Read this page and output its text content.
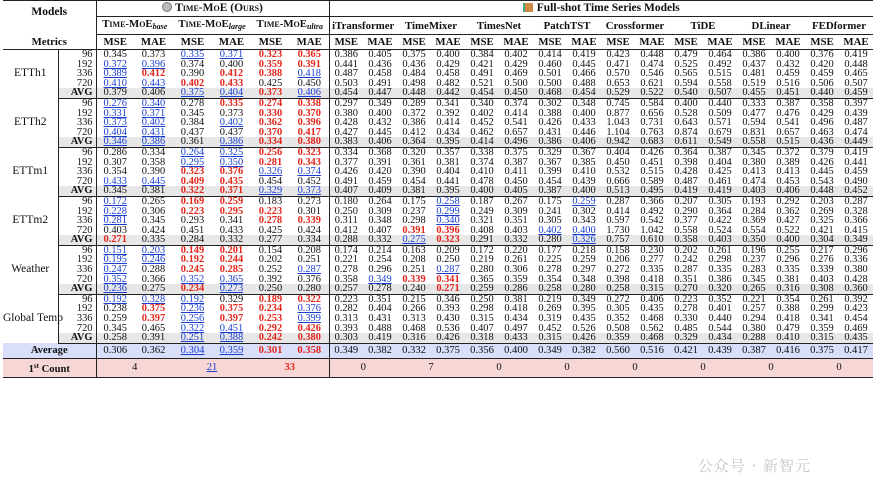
Models		Time-MoE (Ours)						Full-shot Time Series Models															
		Time-MoE$_{base}$		Time-MoE$_{large}$		Time-MoE$_{ultra}$		iTransformer		TimeMixer		TimesNet		PatchTST		Crossformer		TiDE		DLinear		FEDformer	
Metrics		MSE	MAE	MSE	MAE	MSE	MAE	MSE	MAE	MSE	MAE	MSE	MAE	MSE	MAE	MSE	MAE	MSE	MAE	MSE	MAE	MSE	MAE
ETTh1	96	0.345	0.373	0.335	0.371	0.323	0.365	0.386	0.405	0.375	0.400	0.384	0.402	0.414	0.419	0.423	0.448	0.479	0.464	0.386	0.400	0.376	0.419
	192	0.372	0.396	0.374	0.400	0.359	0.391	0.441	0.436	0.436	0.429	0.421	0.429	0.460	0.445	0.471	0.474	0.525	0.492	0.437	0.432	0.420	0.448
	336	0.389	0.412	0.390	0.412	0.388	0.418	0.487	0.458	0.484	0.458	0.491	0.469	0.501	0.466	0.570	0.546	0.565	0.515	0.481	0.459	0.459	0.465
	720	0.410	0.443	0.402	0.433	0.425	0.450	0.503	0.491	0.498	0.482	0.521	0.500	0.500	0.488	0.653	0.621	0.594	0.558	0.519	0.516	0.506	0.507
	AVG	0.379	0.406	0.375	0.404	0.373	0.406	0.454	0.447	0.448	0.442	0.454	0.450	0.468	0.454	0.529	0.522	0.540	0.507	0.455	0.451	0.440	0.459
ETTh2	96	0.276	0.340	0.278	0.335	0.274	0.338	0.297	0.349	0.289	0.341	0.340	0.374	0.302	0.348	0.745	0.584	0.400	0.440	0.333	0.387	0.358	0.397
	192	0.331	0.371	0.345	0.373	0.330	0.370	0.380	0.400	0.372	0.392	0.402	0.414	0.388	0.400	0.877	0.656	0.528	0.509	0.477	0.476	0.429	0.439
	336	0.373	0.402	0.384	0.402	0.362	0.396	0.428	0.432	0.386	0.414	0.452	0.541	0.426	0.433	1.043	0.731	0.643	0.571	0.594	0.541	0.496	0.487
	720	0.404	0.431	0.437	0.437	0.370	0.417	0.427	0.445	0.412	0.434	0.462	0.657	0.431	0.446	1.104	0.763	0.874	0.679	0.831	0.657	0.463	0.474
	AVG	0.346	0.386	0.361	0.386	0.334	0.380	0.383	0.406	0.364	0.395	0.414	0.496	0.386	0.406	0.942	0.683	0.611	0.549	0.558	0.515	0.436	0.449
ETTm1	96	0.286	0.334	0.264	0.325	0.256	0.323	0.334	0.368	0.320	0.357	0.338	0.375	0.329	0.367	0.404	0.426	0.364	0.387	0.345	0.372	0.379	0.419
	192	0.307	0.358	0.295	0.350	0.281	0.343	0.377	0.391	0.361	0.381	0.374	0.387	0.367	0.385	0.450	0.451	0.398	0.404	0.380	0.389	0.426	0.441
	336	0.354	0.390	0.323	0.376	0.326	0.374	0.426	0.420	0.390	0.404	0.410	0.411	0.399	0.410	0.532	0.515	0.428	0.425	0.413	0.413	0.445	0.459
	720	0.433	0.445	0.409	0.435	0.454	0.452	0.491	0.459	0.454	0.441	0.478	0.450	0.454	0.439	0.666	0.589	0.487	0.461	0.474	0.453	0.543	0.490
	AVG	0.345	0.381	0.322	0.371	0.329	0.373	0.407	0.409	0.381	0.395	0.400	0.405	0.387	0.400	0.513	0.495	0.419	0.419	0.403	0.406	0.448	0.452
ETTm2	96	0.172	0.265	0.169	0.259	0.183	0.273	0.180	0.264	0.175	0.258	0.187	0.267	0.175	0.259	0.287	0.366	0.207	0.305	0.193	0.292	0.203	0.287
	192	0.228	0.306	0.223	0.295	0.223	0.301	0.250	0.309	0.237	0.299	0.249	0.309	0.241	0.302	0.414	0.492	0.290	0.364	0.284	0.362	0.269	0.328
	336	0.281	0.345	0.293	0.341	0.278	0.339	0.311	0.348	0.298	0.340	0.321	0.351	0.305	0.343	0.597	0.542	0.377	0.422	0.369	0.427	0.325	0.366
	720	0.403	0.424	0.451	0.433	0.425	0.424	0.412	0.407	0.391	0.396	0.408	0.403	0.402	0.400	1.730	1.042	0.558	0.524	0.554	0.522	0.421	0.415
	AVG	0.271	0.335	0.284	0.332	0.277	0.334	0.288	0.332	0.275	0.323	0.291	0.332	0.280	0.326	0.757	0.610	0.358	0.403	0.350	0.400	0.304	0.349
Weather	96	0.151	0.203	0.149	0.201	0.154	0.208	0.174	0.214	0.163	0.209	0.172	0.220	0.177	0.218	0.158	0.230	0.202	0.261	0.196	0.255	0.217	0.296
	192	0.195	0.246	0.192	0.244	0.202	0.251	0.221	0.254	0.208	0.250	0.219	0.261	0.225	0.259	0.206	0.277	0.242	0.298	0.237	0.296	0.276	0.336
	336	0.247	0.288	0.245	0.285	0.252	0.287	0.278	0.296	0.251	0.287	0.280	0.306	0.278	0.297	0.272	0.335	0.287	0.335	0.283	0.335	0.339	0.380
	720	0.352	0.366	0.352	0.365	0.392	0.376	0.358	0.349	0.339	0.341	0.365	0.359	0.354	0.348	0.398	0.418	0.351	0.386	0.345	0.381	0.403	0.428
	AVG	0.236	0.275	0.234	0.273	0.250	0.280	0.257	0.278	0.240	0.271	0.259	0.286	0.258	0.280	0.258	0.315	0.270	0.320	0.265	0.316	0.308	0.360
Global Temp	96	0.192	0.328	0.192	0.329	0.189	0.322	0.223	0.351	0.215	0.346	0.250	0.381	0.219	0.349	0.272	0.406	0.223	0.352	0.221	0.354	0.261	0.392
	192	0.238	0.375	0.236	0.375	0.234	0.376	0.282	0.404	0.266	0.393	0.298	0.418	0.269	0.395	0.305	0.435	0.278	0.401	0.257	0.388	0.299	0.423
	336	0.259	0.397	0.256	0.397	0.253	0.399	0.313	0.431	0.313	0.430	0.315	0.434	0.319	0.435	0.352	0.468	0.330	0.440	0.294	0.418	0.341	0.454
	720	0.345	0.465	0.322	0.451	0.292	0.426	0.393	0.488	0.468	0.536	0.407	0.497	0.452	0.526	0.508	0.562	0.485	0.544	0.380	0.479	0.359	0.469
	AVG	0.258	0.391	0.251	0.388	0.242	0.380	0.303	0.419	0.316	0.426	0.318	0.433	0.315	0.426	0.359	0.468	0.329	0.434	0.288	0.410	0.315	0.435
Average		0.306	0.362	0.304	0.359	0.301	0.358	0.349	0.382	0.332	0.375	0.356	0.400	0.349	0.382	0.560	0.516	0.421	0.439	0.387	0.416	0.375	0.417
1st Count		4		21		33		0		7		0		0		0		0		0		0	
公众号 · 新智元
